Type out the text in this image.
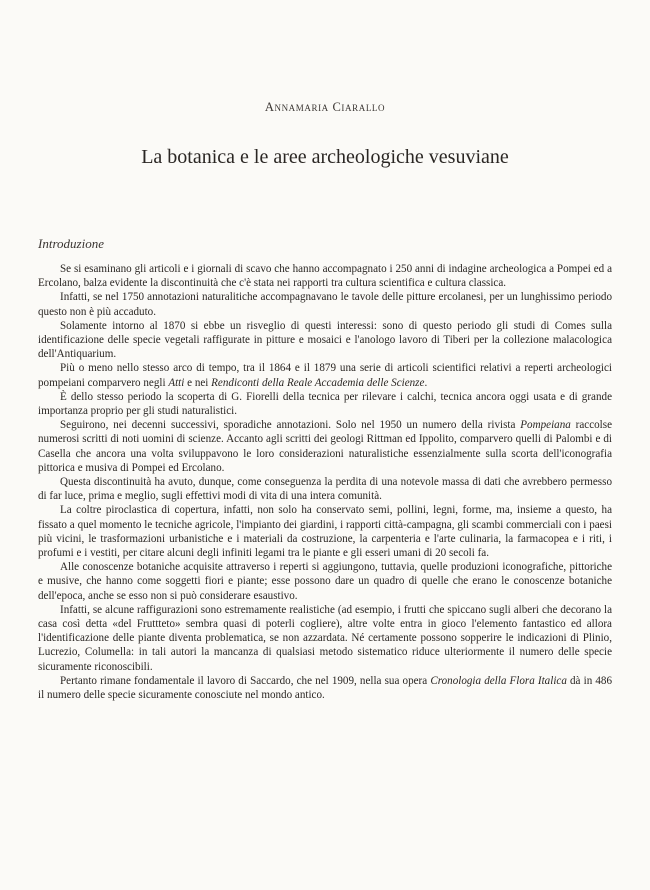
Annamaria Ciarallo
La botanica e le aree archeologiche vesuviane
Introduzione

Se si esaminano gli articoli e i giornali di scavo che hanno accompagnato i 250 anni di indagine archeologica a Pompei ed a Ercolano, balza evidente la discontinuità che c'è stata nei rapporti tra cultura scientifica e cultura classica.

Infatti, se nel 1750 annotazioni naturalitiche accompagnavano le tavole delle pitture ercolanesi, per un lunghissimo periodo questo non è più accaduto.

Solamente intorno al 1870 si ebbe un risveglio di questi interessi: sono di questo periodo gli studi di Comes sulla identificazione delle specie vegetali raffigurate in pitture e mosaici e l'anologo lavoro di Tiberi per la collezione malacologica dell'Antiquarium.

Più o meno nello stesso arco di tempo, tra il 1864 e il 1879 una serie di articoli scientifici relativi a reperti archeologici pompeiani comparvero negli Atti e nei Rendiconti della Reale Accademia delle Scienze.

È dello stesso periodo la scoperta di G. Fiorelli della tecnica per rilevare i calchi, tecnica ancora oggi usata e di grande importanza proprio per gli studi naturalistici.

Seguirono, nei decenni successivi, sporadiche annotazioni. Solo nel 1950 un numero della rivista Pompeiana raccolse numerosi scritti di noti uomini di scienze. Accanto agli scritti dei geologi Rittman ed Ippolito, comparvero quelli di Palombi e di Casella che ancora una volta sviluppavono le loro considerazioni naturalistiche essenzialmente sulla scorta dell'iconografia pittorica e musiva di Pompei ed Ercolano.

Questa discontinuità ha avuto, dunque, come conseguenza la perdita di una notevole massa di dati che avrebbero permesso di far luce, prima e meglio, sugli effettivi modi di vita di una intera comunità.

La coltre piroclastica di copertura, infatti, non solo ha conservato semi, pollini, legni, forme, ma, insieme a questo, ha fissato a quel momento le tecniche agricole, l'impianto dei giardini, i rapporti città-campagna, gli scambi commerciali con i paesi più vicini, le trasformazioni urbanistiche e i materiali da costruzione, la carpenteria e l'arte culinaria, la farmacopea e i riti, i profumi e i vestiti, per citare alcuni degli infiniti legami tra le piante e gli esseri umani di 20 secoli fa.

Alle conoscenze botaniche acquisite attraverso i reperti si aggiungono, tuttavia, quelle produzioni iconografiche, pittoriche e musive, che hanno come soggetti fiori e piante; esse possono dare un quadro di quelle che erano le conoscenze botaniche dell'epoca, anche se esso non si può considerare esaustivo.

Infatti, se alcune raffigurazioni sono estremamente realistiche (ad esempio, i frutti che spiccano sugli alberi che decorano la casa così detta «del Fruttteto» sembra quasi di poterli cogliere), altre volte entra in gioco l'elemento fantastico ed allora l'identificazione delle piante diventa problematica, se non azzardata. Né certamente possono sopperire le indicazioni di Plinio, Lucrezio, Columella: in tali autori la mancanza di qualsiasi metodo sistematico riduce ulteriormente il numero delle specie sicuramente riconoscibili.

Pertanto rimane fondamentale il lavoro di Saccardo, che nel 1909, nella sua opera Cronologia della Flora Italica dà in 486 il numero delle specie sicuramente conosciute nel mondo antico.
